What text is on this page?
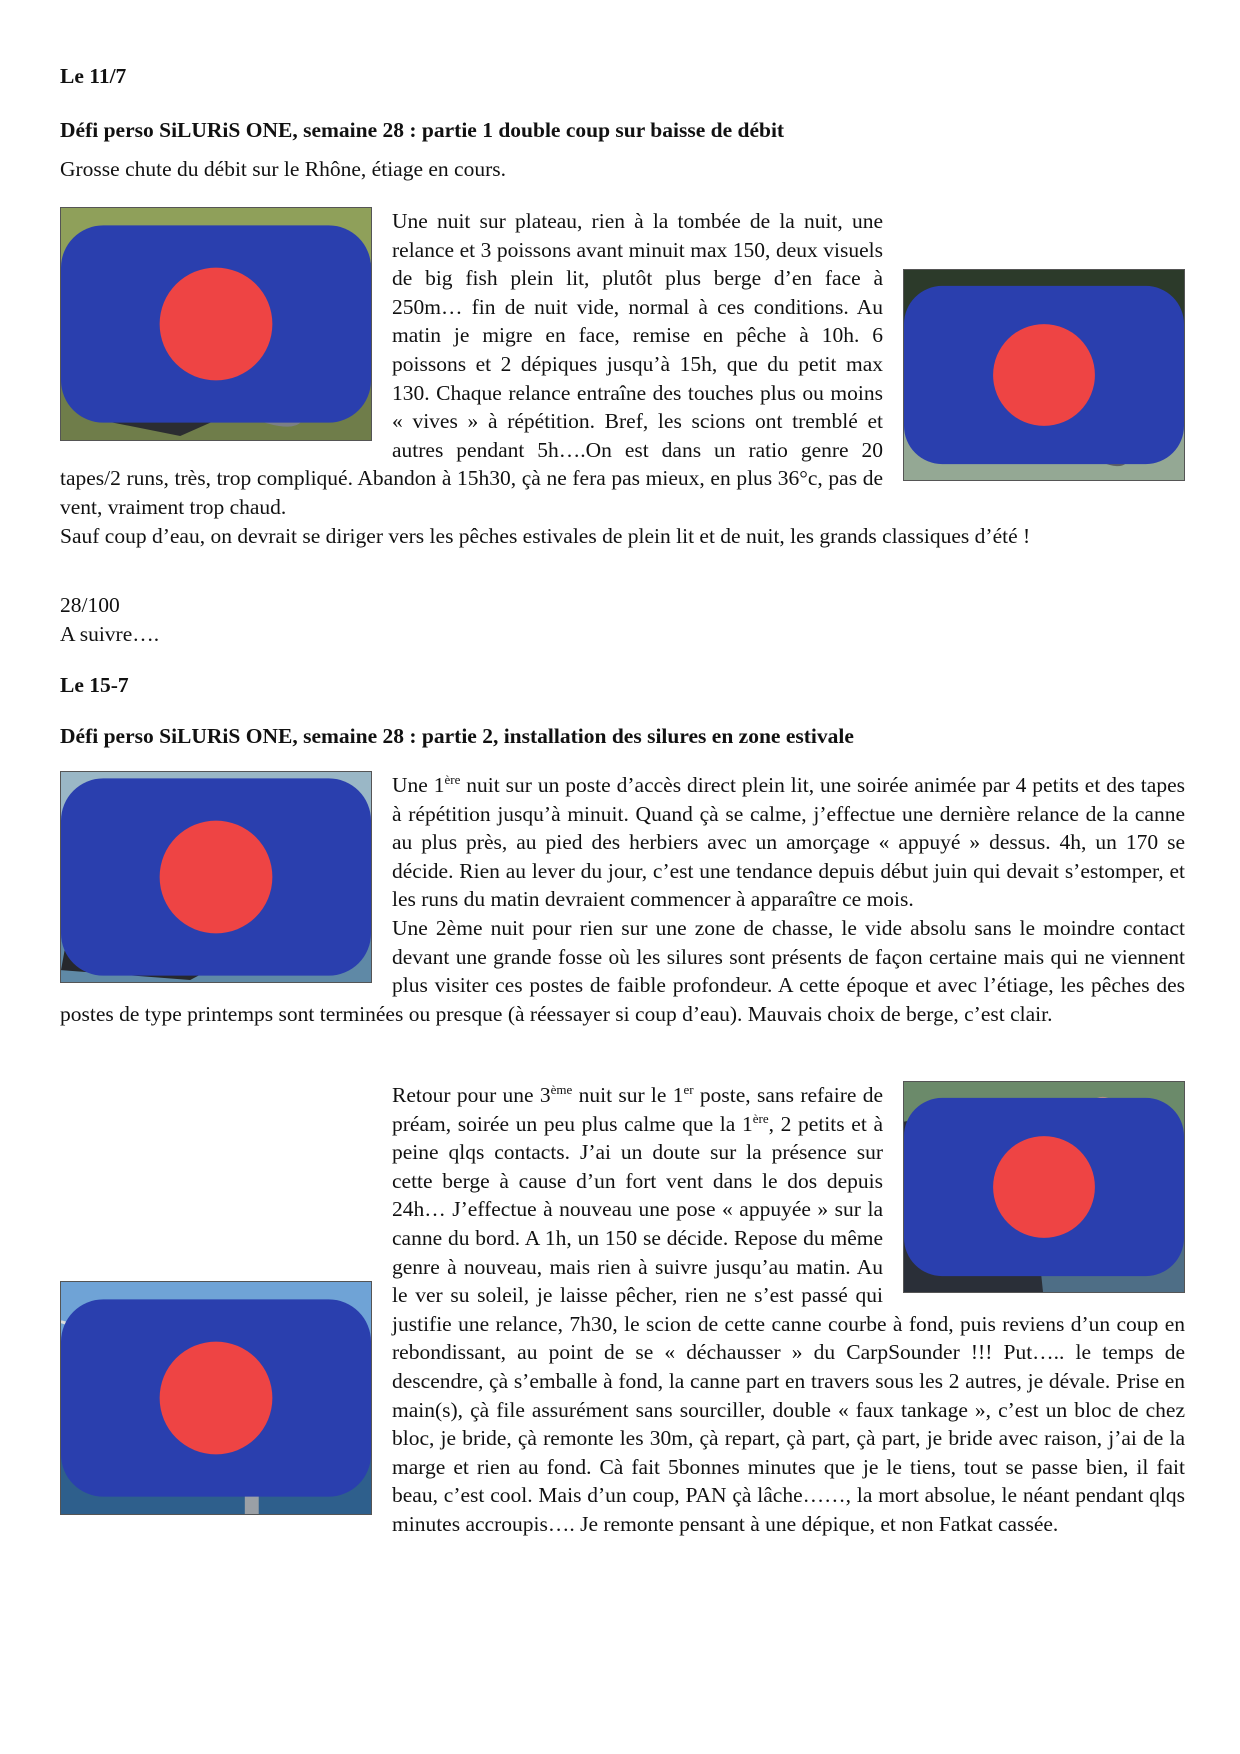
Le 11/7
Défi perso SiLURiS ONE, semaine 28 : partie 1 double coup sur baisse de débit
Grosse chute du débit sur le Rhône, étiage en cours.
Une nuit sur plateau, rien à la tombée de la nuit, une relance et 3 poissons avant minuit max 150, deux visuels de big fish plein lit, plutôt plus berge d’en face à 250m… fin de nuit vide, normal à ces conditions. Au matin je migre en face, remise en pêche à 10h. 6 poissons et 2 dépiques jusqu’à 15h, que du petit max 130. Chaque relance entraîne des touches plus ou moins « vives » à répétition. Bref, les scions ont tremblé et autres pendant 5h….On est dans un ratio genre 20 tapes/2 runs, très, trop compliqué. Abandon à 15h30, çà ne fera pas mieux, en plus 36°c, pas de vent, vraiment trop chaud.
Sauf coup d’eau, on devrait se diriger vers les pêches estivales de plein lit et de nuit, les grands classiques d’été !
28/100
A suivre….
Le 15-7
Défi perso SiLURiS ONE, semaine 28 : partie 2, installation des silures en zone estivale
Une 1ère nuit sur un poste d’accès direct plein lit, une soirée animée par 4 petits et des tapes à répétition jusqu’à minuit. Quand çà se calme, j’effectue une dernière relance de la canne au plus près, au pied des herbiers avec un amorçage « appuyé » dessus. 4h, un 170 se décide. Rien au lever du jour, c’est une tendance depuis début juin qui devait s’estomper, et les runs du matin devraient commencer à apparaître ce mois.
Une 2ème nuit pour rien sur une zone de chasse, le vide absolu sans le moindre contact devant une grande fosse où les silures sont présents de façon certaine mais qui ne viennent plus visiter ces postes de faible profondeur. A cette époque et avec l’étiage, les pêches des postes de type printemps sont terminées ou presque (à réessayer si coup d’eau). Mauvais choix de berge, c’est clair.
Retour pour une 3ème nuit sur le 1er poste, sans refaire de préam, soirée un peu plus calme que la 1ère, 2 petits et à peine qlqs contacts. J’ai un doute sur la présence sur cette berge à cause d’un fort vent dans le dos depuis 24h… J’effectue à nouveau une pose « appuyée » sur la canne du bord. A 1h, un 150 se décide. Repose du même genre à nouveau, mais rien à suivre jusqu’au matin. Au le ver su soleil, je laisse pêcher, rien ne s’est passé qui justifie une relance, 7h30, le scion de cette canne courbe à fond, puis reviens d’un coup en rebondissant, au point de se « déchausser » du CarpSounder !!! Put….. le temps de descendre, çà s’emballe à fond, la canne part en travers sous les 2 autres, je dévale. Prise en main(s), çà file assurément sans sourciller, double « faux tankage », c’est un bloc de chez bloc, je bride, çà remonte les 30m, çà repart, çà part, çà part, je bride avec raison, j’ai de la marge et rien au fond. Cà fait 5bonnes minutes que je le tiens, tout se passe bien, il fait beau, c’est cool. Mais d’un coup, PAN çà lâche……, la mort absolue, le néant pendant qlqs minutes accroupis…. Je remonte pensant à une dépique, et non Fatkat cassée.
